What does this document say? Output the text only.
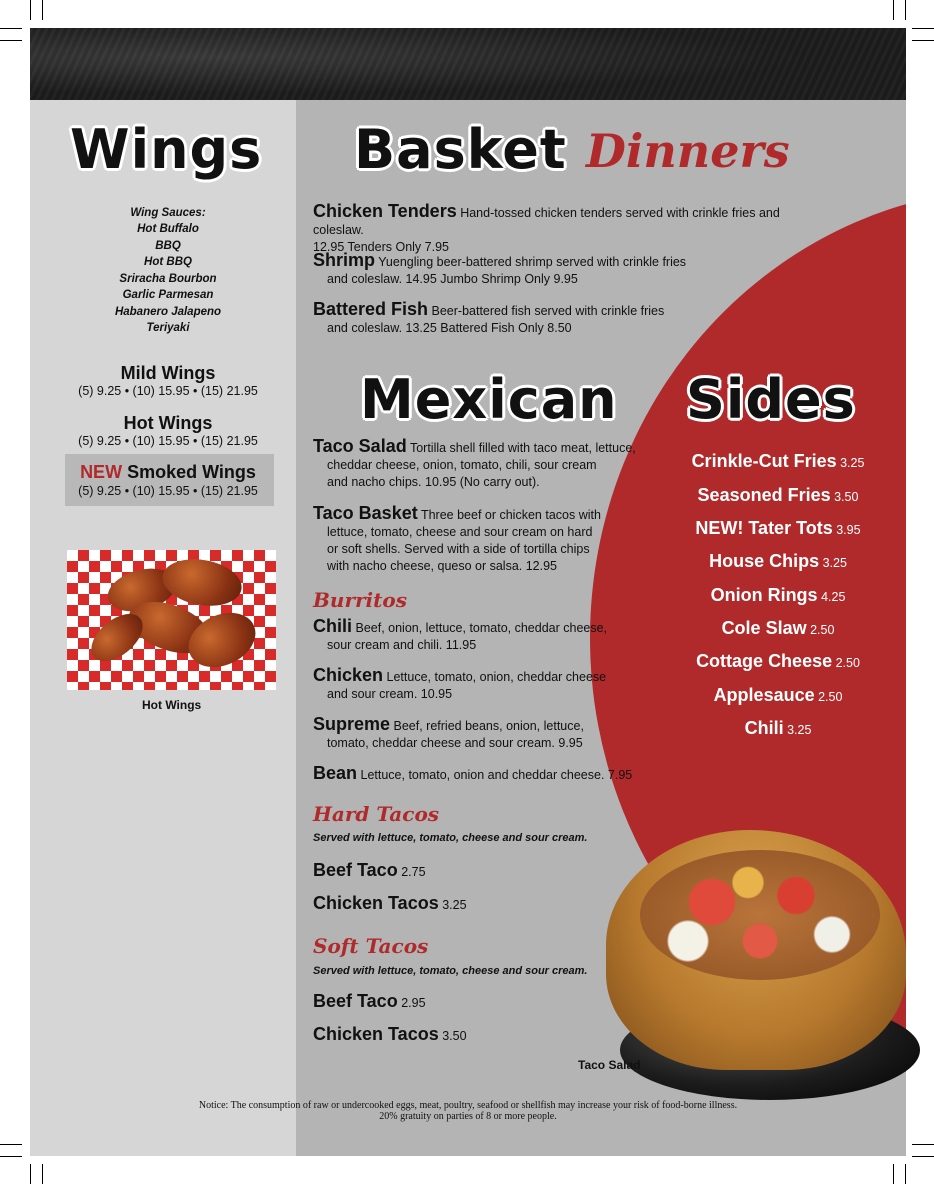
Wings Basket Dinners
Mexican Sides
Wing Sauces:
Hot Buffalo
BBQ
Hot BBQ
Sriracha Bourbon
Garlic Parmesan
Habanero Jalapeno
Teriyaki
Mild Wings
(5) 9.25 • (10) 15.95 • (15) 21.95
Hot Wings
(5) 9.25 • (10) 15.95 • (15) 21.95
NEW Smoked Wings
(5) 9.25 • (10) 15.95 • (15) 21.95
Hot Wings
Chicken Tenders Hand-tossed chicken tenders served with crinkle fries and coleslaw.
12.95 Tenders Only 7.95
Shrimp Yuengling beer-battered shrimp served with crinkle fries
and coleslaw. 14.95 Jumbo Shrimp Only 9.95
Battered Fish Beer-battered fish served with crinkle fries
and coleslaw. 13.25 Battered Fish Only 8.50
Taco Salad Tortilla shell filled with taco meat, lettuce,
cheddar cheese, onion, tomato, chili, sour cream
and nacho chips. 10.95 (No carry out).
Taco Basket Three beef or chicken tacos with
lettuce, tomato, cheese and sour cream on hard
or soft shells. Served with a side of tortilla chips
with nacho cheese, queso or salsa. 12.95
Burritos
Chili Beef, onion, lettuce, tomato, cheddar cheese,
sour cream and chili. 11.95
Chicken Lettuce, tomato, onion, cheddar cheese
and sour cream. 10.95
Supreme Beef, refried beans, onion, lettuce,
tomato, cheddar cheese and sour cream. 9.95
Bean Lettuce, tomato, onion and cheddar cheese. 7.95
Hard Tacos
Served with lettuce, tomato, cheese and sour cream.
Beef Taco 2.75
Chicken Tacos 3.25
Soft Tacos
Served with lettuce, tomato, cheese and sour cream.
Beef Taco 2.95
Chicken Tacos 3.50
Crinkle-Cut Fries 3.25
Seasoned Fries 3.50
NEW! Tater Tots 3.95
House Chips 3.25
Onion Rings 4.25
Cole Slaw 2.50
Cottage Cheese 2.50
Applesauce 2.50
Chili 3.25
Taco Salad
Notice: The consumption of raw or undercooked eggs, meat, poultry, seafood or shellfish may increase your risk of food-borne illness.
20% gratuity on parties of 8 or more people.
